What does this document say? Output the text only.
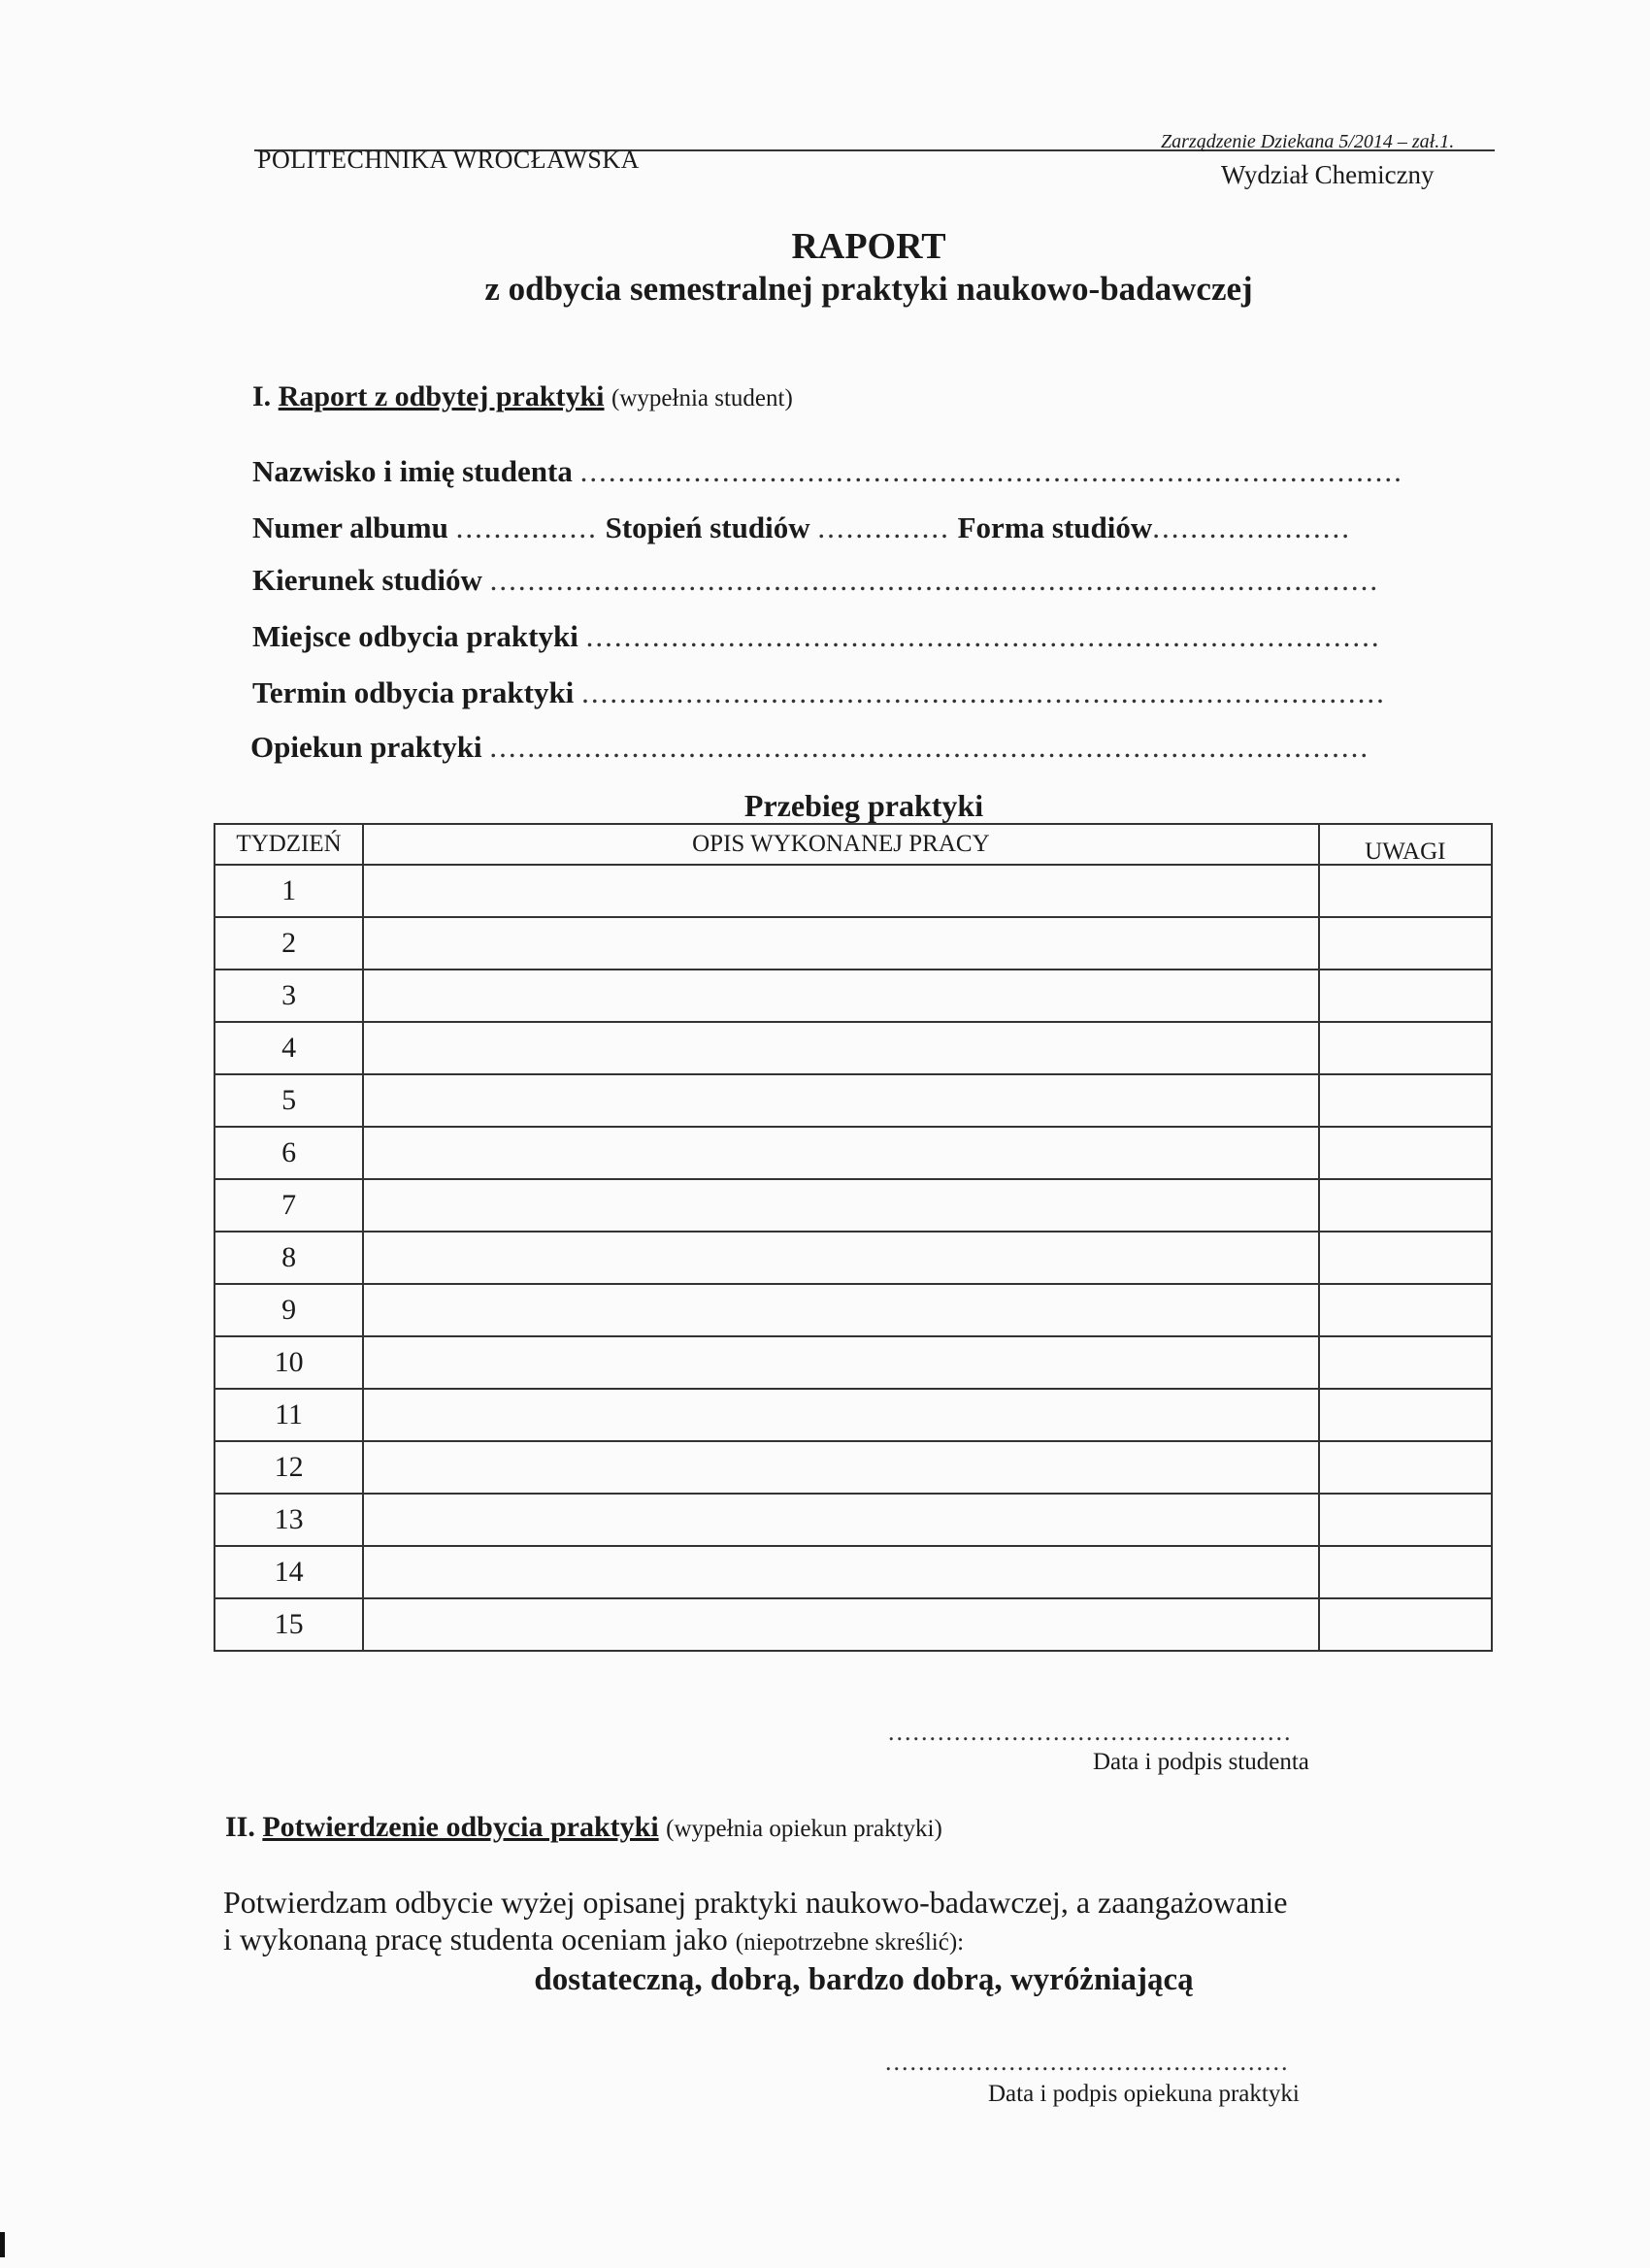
POLITECHNIKA WROCŁAWSKA
Zarządzenie Dziekana 5/2014 – zał.1.
Wydział Chemiczny
RAPORT
z odbycia semestralnej praktyki naukowo-badawczej
I. Raport z odbytej praktyki (wypełnia student)
Nazwisko i imię studenta .......................................................................................
Numer albumu ............... Stopień studiów .............. Forma studiów.....................
Kierunek studiów ..............................................................................................
Miejsce odbycia praktyki ....................................................................................
Termin odbycia praktyki .....................................................................................
Opiekun praktyki .............................................................................................
Przebieg praktyki
TYDZIEŃ	OPIS WYKONANEJ PRACY	UWAGI
1		
2		
3		
4		
5		
6		
7		
8		
9		
10		
11		
12		
13		
14		
15		
.................................................
Data i podpis studenta
II. Potwierdzenie odbycia praktyki (wypełnia opiekun praktyki)
Potwierdzam odbycie wyżej opisanej praktyki naukowo-badawczej, a zaangażowanie
i wykonaną pracę studenta oceniam jako (niepotrzebne skreślić):
dostateczną, dobrą, bardzo dobrą, wyróżniającą
.................................................
Data i podpis opiekuna praktyki
